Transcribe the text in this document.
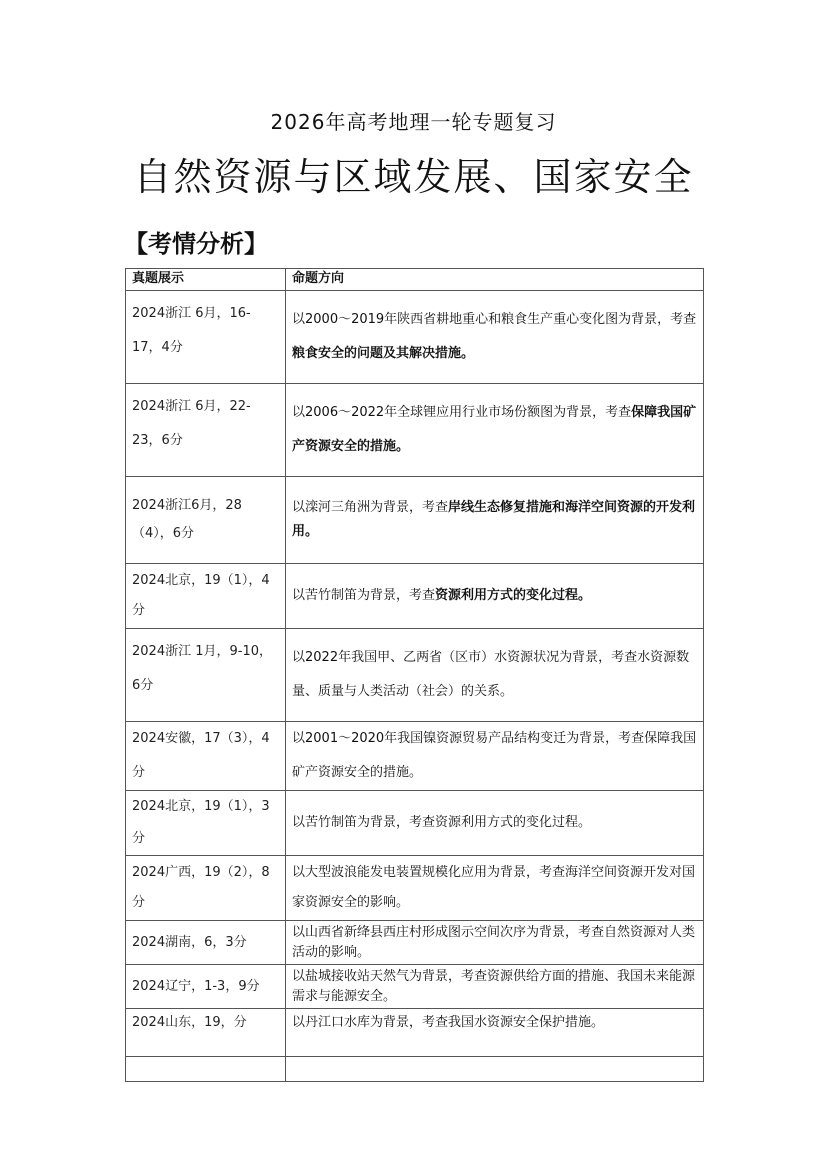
2026年高考地理一轮专题复习
自然资源与区域发展、国家安全
【考情分析】
真题展示	命题方向
2024浙江 6月，16-17，4分	以2000～2019年陕西省耕地重心和粮食生产重心变化图为背景，考查粮食安全的问题及其解决措施。
2024浙江 6月，22-23，6分	以2006～2022年全球锂应用行业市场份额图为背景，考查保障我国矿产资源安全的措施。
2024浙江6月，28（4），6分	以滦河三角洲为背景，考查岸线生态修复措施和海洋空间资源的开发利用。
2024北京，19（1），4分	以苦竹制笛为背景，考查资源利用方式的变化过程。
2024浙江 1月，9-10，6分	以2022年我国甲、乙两省（区市）水资源状况为背景，考查水资源数量、质量与人类活动（社会）的关系。
2024安徽，17（3），4分	以2001～2020年我国镍资源贸易产品结构变迁为背景，考查保障我国矿产资源安全的措施。
2024北京，19（1），3分	以苦竹制笛为背景，考查资源利用方式的变化过程。
2024广西，19（2），8分	以大型波浪能发电装置规模化应用为背景，考查海洋空间资源开发对国家资源安全的影响。
2024湖南，6，3分	以山西省新绛县西庄村形成图示空间次序为背景，考查自然资源对人类活动的影响。
2024辽宁，1-3，9分	以盐城接收站天然气为背景，考查资源供给方面的措施、我国未来能源需求与能源安全。
2024山东，19，分	以丹江口水库为背景，考查我国水资源安全保护措施。
